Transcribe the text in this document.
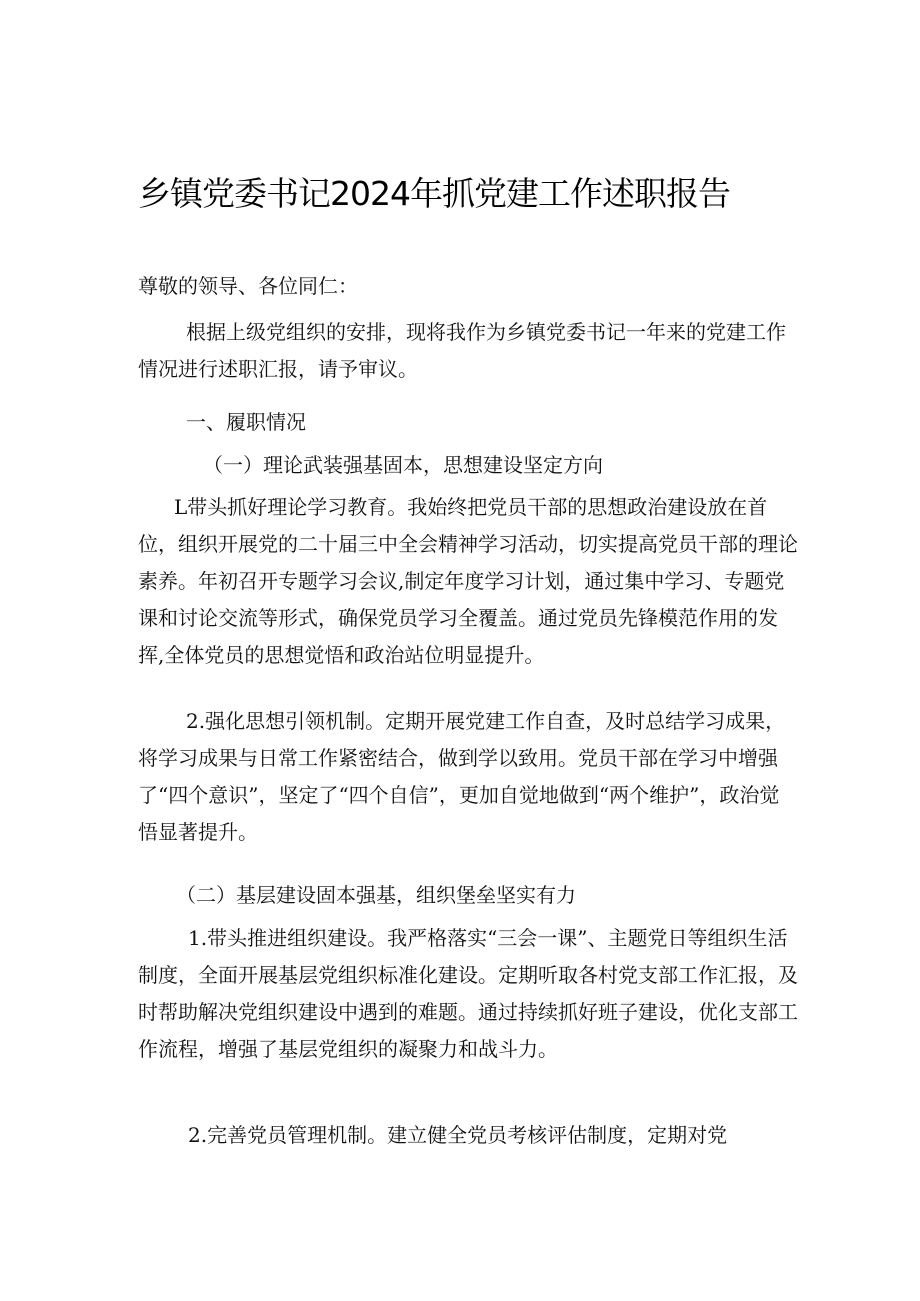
乡镇党委书记2024年抓党建工作述职报告

尊敬的领导、各位同仁：

根据上级党组织的安排，现将我作为乡镇党委书记一年来的党建工作情况进行述职汇报，请予审议。

一、履职情况

（一）理论武装强基固本，思想建设坚定方向

L带头抓好理论学习教育。我始终把党员干部的思想政治建设放在首位，组织开展党的二十届三中全会精神学习活动，切实提高党员干部的理论素养。年初召开专题学习会议,制定年度学习计划，通过集中学习、专题党课和讨论交流等形式，确保党员学习全覆盖。通过党员先锋模范作用的发挥,全体党员的思想觉悟和政治站位明显提升。

2.强化思想引领机制。定期开展党建工作自查，及时总结学习成果，将学习成果与日常工作紧密结合，做到学以致用。党员干部在学习中增强了“四个意识”，坚定了“四个自信”，更加自觉地做到“两个维护”，政治觉悟显著提升。

（二）基层建设固本强基，组织堡垒坚实有力

1.带头推进组织建设。我严格落实“三会一课”、主题党日等组织生活制度，全面开展基层党组织标准化建设。定期听取各村党支部工作汇报，及时帮助解决党组织建设中遇到的难题。通过持续抓好班子建设，优化支部工作流程，增强了基层党组织的凝聚力和战斗力。

2.完善党员管理机制。建立健全党员考核评估制度，定期对党
